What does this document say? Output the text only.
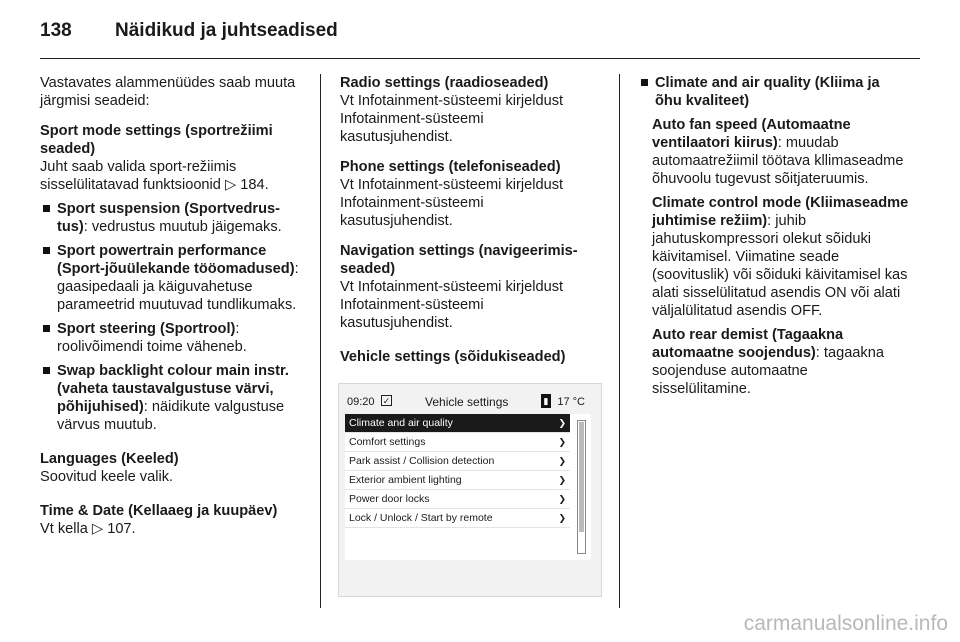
138 Näidikud ja juhtseadised

Vastavates alammenüüdes saab muuta järgmisi seadeid:

Sport mode settings (sportrežiimi seaded)

Juht saab valida sport-režiimis sisselülitatavad funktsioonid ▷ 184.

Sport suspension (Sportvedrus-tus): vedrustus muutub jäigemaks.
Sport powertrain performance (Sport-jõuülekande tööomadused): gaasipedaali ja käiguvahetuse parameetrid muutuvad tundlikumaks.
Sport steering (Sportrool): roolivõimendi toime väheneb.
Swap backlight colour main instr. (vaheta taustavalgustuse värvi, põhijuhised): näidikute valgustuse värvus muutub.

Languages (Keeled)

Soovitud keele valik.

Time & Date (Kellaaeg ja kuupäev)

Vt kella ▷ 107.

Radio settings (raadioseaded)

Vt Infotainment-süsteemi kirjeldust Infotainment-süsteemi kasutusjuhendist.

Phone settings (telefoniseaded)

Vt Infotainment-süsteemi kirjeldust Infotainment-süsteemi kasutusjuhendist.

Navigation settings (navigeerimis-seaded)

Vt Infotainment-süsteemi kirjeldust Infotainment-süsteemi kasutusjuhendist.

Vehicle settings (sõidukiseaded)

09:20 ✓	Vehicle settings	▮ 17 °C
Climate and air quality	❯
Comfort settings	❯
Park assist / Collision detection	❯
Exterior ambient lighting	❯
Power door locks	❯
Lock / Unlock / Start by remote	❯
Climate and air quality (Kliima ja õhu kvaliteet)
Auto fan speed (Automaatne ventilaatori kiirus): muudab automaatrežiimil töötava kllimaseadme õhuvoolu tugevust sõitjateruumis.
Climate control mode (Kliimaseadme juhtimise režiim): juhib jahutuskompressori olekut sõiduki käivitamisel. Viimatine seade (soovituslik) või sõiduki käivitamisel kas alati sisselülitatud asendis ON või alati väljalülitatud asendis OFF.
Auto rear demist (Tagaakna automaatne soojendus): tagaakna soojenduse automaatne sisselülitamine.
carmanualsonline.info
